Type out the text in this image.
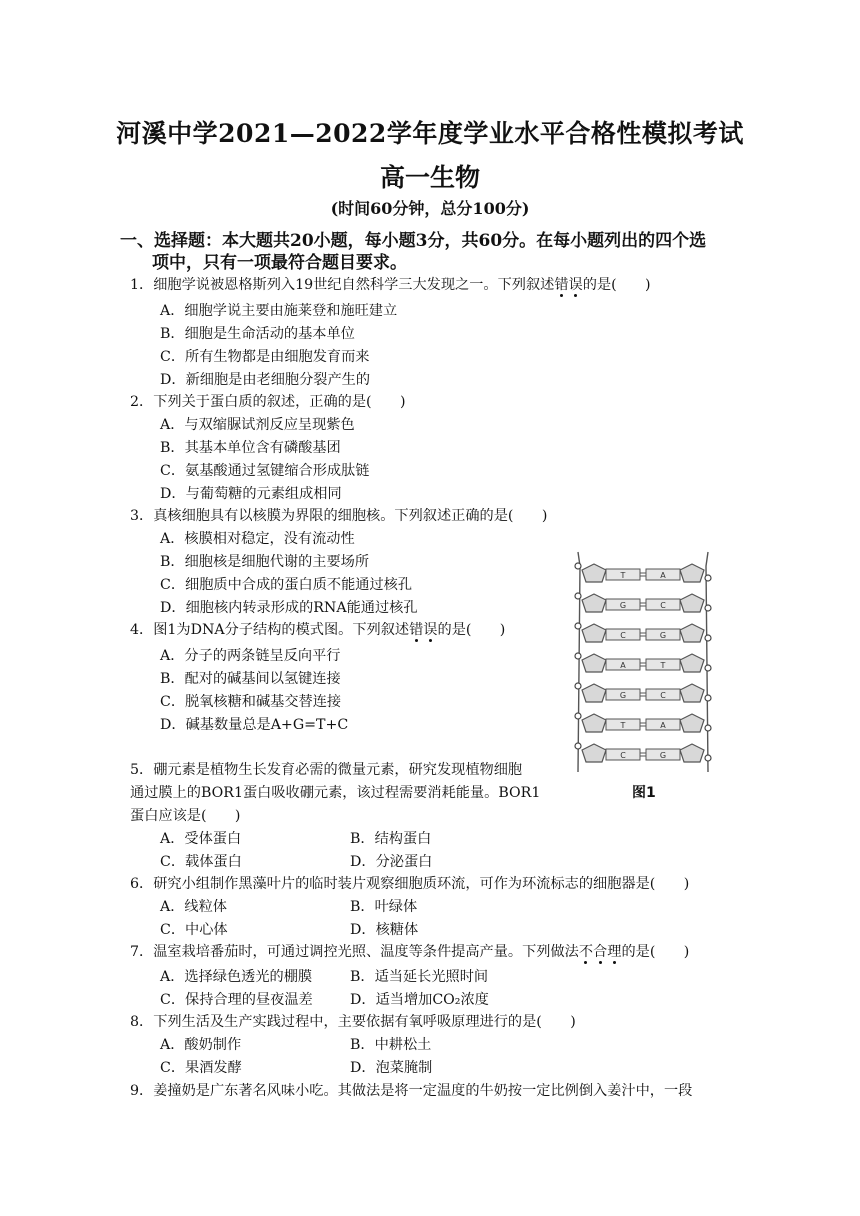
河溪中学2021—2022学年度学业水平合格性模拟考试
高一生物
(时间60分钟，总分100分)
一、选择题：本大题共20小题，每小题3分，共60分。在每小题列出的四个选
项中，只有一项最符合题目要求。
1．细胞学说被恩格斯列入19世纪自然科学三大发现之一。下列叙述错误的是(　　)
A．细胞学说主要由施莱登和施旺建立
B．细胞是生命活动的基本单位
C．所有生物都是由细胞发育而来
D．新细胞是由老细胞分裂产生的
2．下列关于蛋白质的叙述，正确的是(　　)
A．与双缩脲试剂反应呈现紫色
B．其基本单位含有磷酸基团
C．氨基酸通过氢键缩合形成肽链
D．与葡萄糖的元素组成相同
3．真核细胞具有以核膜为界限的细胞核。下列叙述正确的是(　　)
A．核膜相对稳定，没有流动性
B．细胞核是细胞代谢的主要场所
C．细胞质中合成的蛋白质不能通过核孔
D．细胞核内转录形成的RNA能通过核孔
4．图1为DNA分子结构的模式图。下列叙述错误的是(　　)
A．分子的两条链呈反向平行
B．配对的碱基间以氢键连接
C．脱氧核糖和碱基交替连接
D．碱基数量总是A+G=T+C
5．硼元素是植物生长发育必需的微量元素，研究发现植物细胞
通过膜上的BOR1蛋白吸收硼元素，该过程需要消耗能量。BOR1
蛋白应该是(　　)
A．受体蛋白	B．结构蛋白
C．载体蛋白	D．分泌蛋白
6．研究小组制作黑藻叶片的临时装片观察细胞质环流，可作为环流标志的细胞器是(　　)
A．线粒体	B．叶绿体
C．中心体	D．核糖体
7．温室栽培番茄时，可通过调控光照、温度等条件提高产量。下列做法不合理的是(　　)
A．选择绿色透光的棚膜	B．适当延长光照时间
C．保持合理的昼夜温差	D．适当增加CO₂浓度
8．下列生活及生产实践过程中，主要依据有氧呼吸原理进行的是(　　)
A．酸奶制作	B．中耕松土
C．果酒发酵	D．泡菜腌制
9．姜撞奶是广东著名风味小吃。其做法是将一定温度的牛奶按一定比例倒入姜汁中，一段
T	A
G	C
C	G
A	T
G	C
T	A
C	G
图1
